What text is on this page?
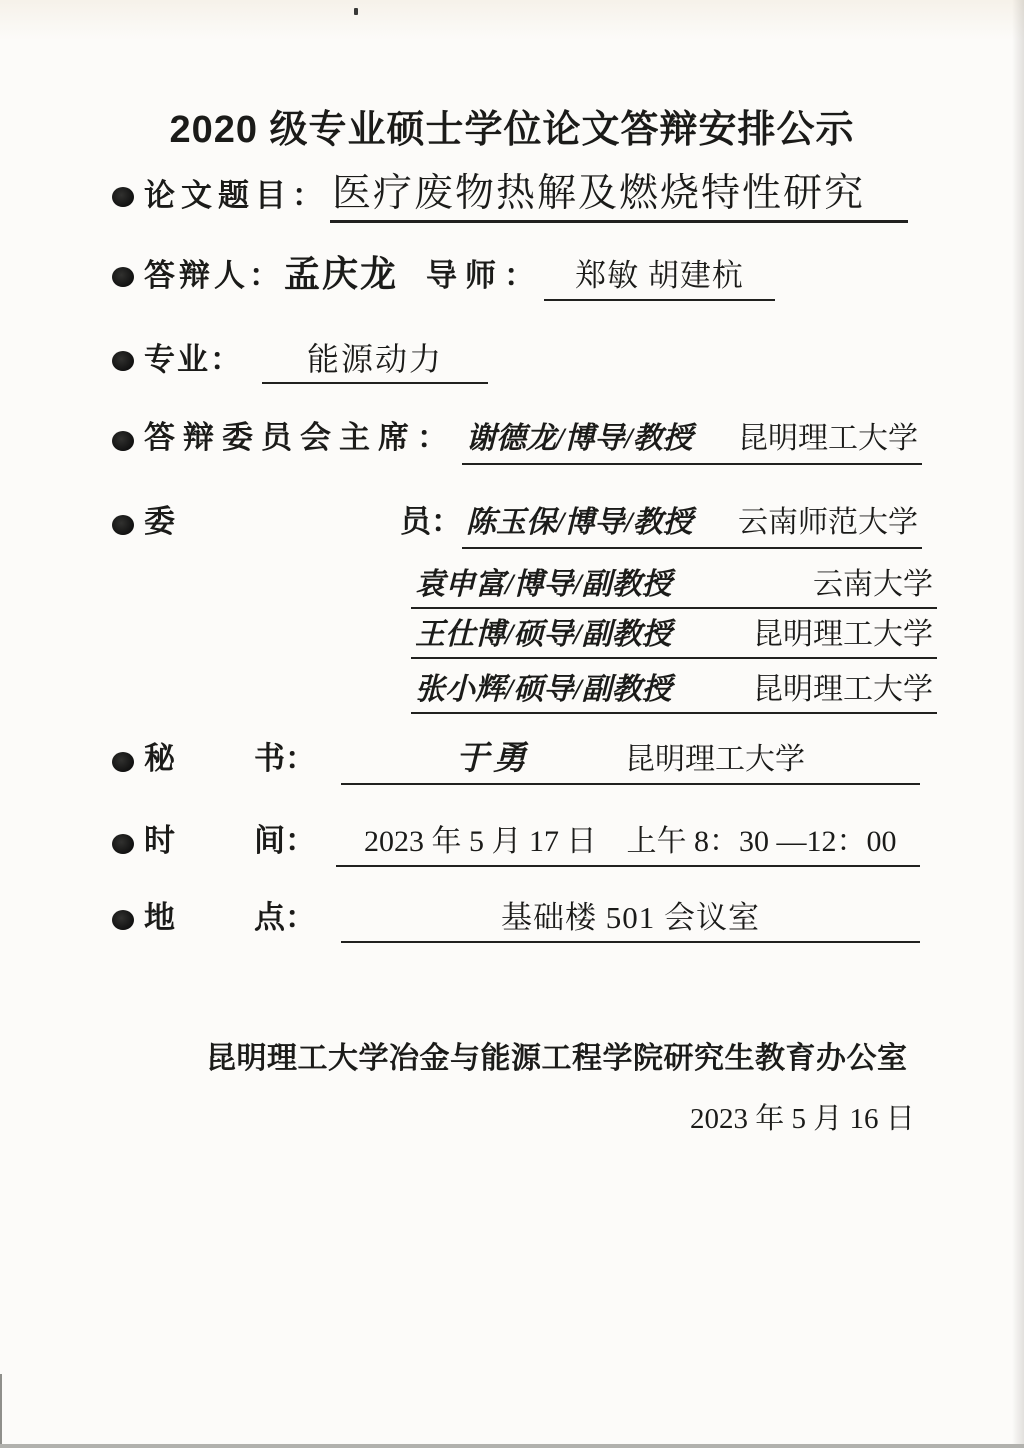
2020 级专业硕士学位论文答辩安排公示
论文题目： 医疗废物热解及燃烧特性研究
答辩人： 孟庆龙 导师：	郑敏 胡建杭
专业：	能源动力
答辩委员会主席： 谢德龙/博导/教授 昆明理工大学
委	员： 陈玉保/博导/教授 云南师范大学
袁申富/博导/副教授	云南大学
王仕博/硕导/副教授	昆明理工大学
张小辉/硕导/副教授	昆明理工大学
秘	书：	于勇	昆明理工大学
时	间：	2023 年 5 月 17 日　上午 8：30 —12：00
地	点：	基础楼 501 会议室
昆明理工大学冶金与能源工程学院研究生教育办公室
2023 年 5 月 16 日
